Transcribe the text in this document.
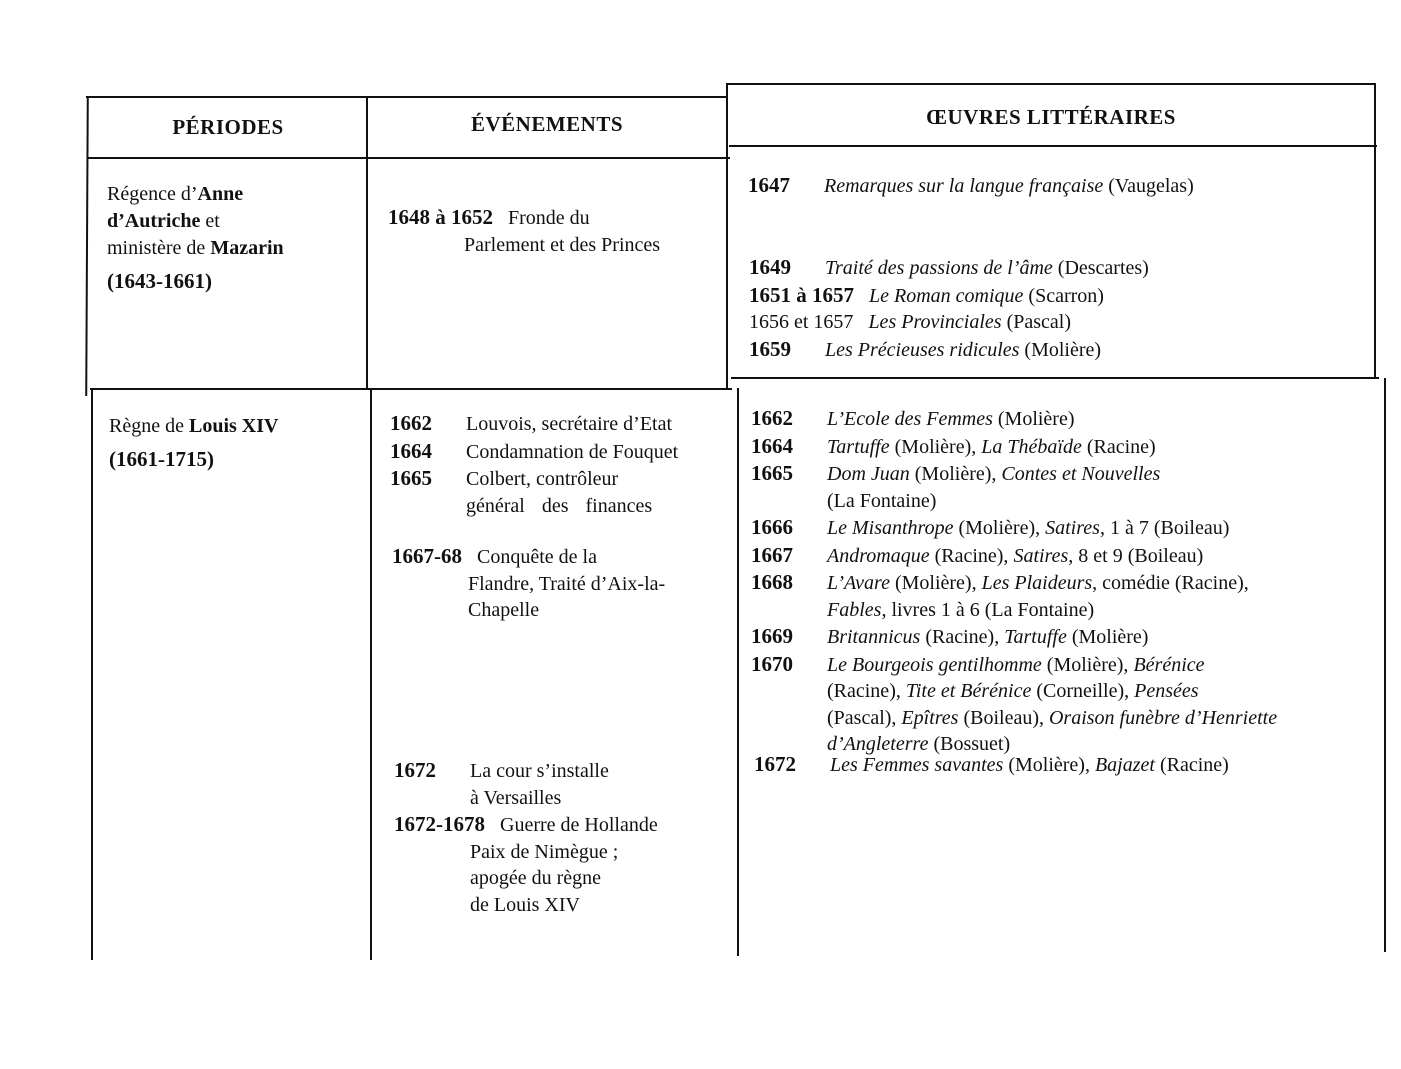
PÉRIODES	ÉVÉNEMENTS	ŒUVRES LITTÉRAIRES
Régence d’Anne
d’Autriche et
ministère de Mazarin
(1643-1661)
Règne de Louis XIV
(1661-1715)
1648 à 1652 Fronde du
Parlement et des Princes
1662 Louvois, secrétaire d’Etat
1664 Condamnation de Fouquet
1665 Colbert, contrôleur
général des finances
1667-68 Conquête de la
Flandre, Traité d’Aix-la-
Chapelle
1672 La cour s’installe
à Versailles
1672-1678 Guerre de Hollande
Paix de Nimègue ;
apogée du règne
de Louis XIV
1647 Remarques sur la langue française (Vaugelas)
1649 Traité des passions de l’âme (Descartes)
1651 à 1657 Le Roman comique (Scarron)
1656 et 1657 Les Provinciales (Pascal)
1659 Les Précieuses ridicules (Molière)
1662 L’Ecole des Femmes (Molière)
1664 Tartuffe (Molière), La Thébaïde (Racine)
1665 Dom Juan (Molière), Contes et Nouvelles
(La Fontaine)
1666 Le Misanthrope (Molière), Satires, 1 à 7 (Boileau)
1667 Andromaque (Racine), Satires, 8 et 9 (Boileau)
1668 L’Avare (Molière), Les Plaideurs, comédie (Racine),
Fables, livres 1 à 6 (La Fontaine)
1669 Britannicus (Racine), Tartuffe (Molière)
1670 Le Bourgeois gentilhomme (Molière), Bérénice
(Racine), Tite et Bérénice (Corneille), Pensées
(Pascal), Epîtres (Boileau), Oraison funèbre d’Henriette
d’Angleterre (Bossuet)
1672 Les Femmes savantes (Molière), Bajazet (Racine)
